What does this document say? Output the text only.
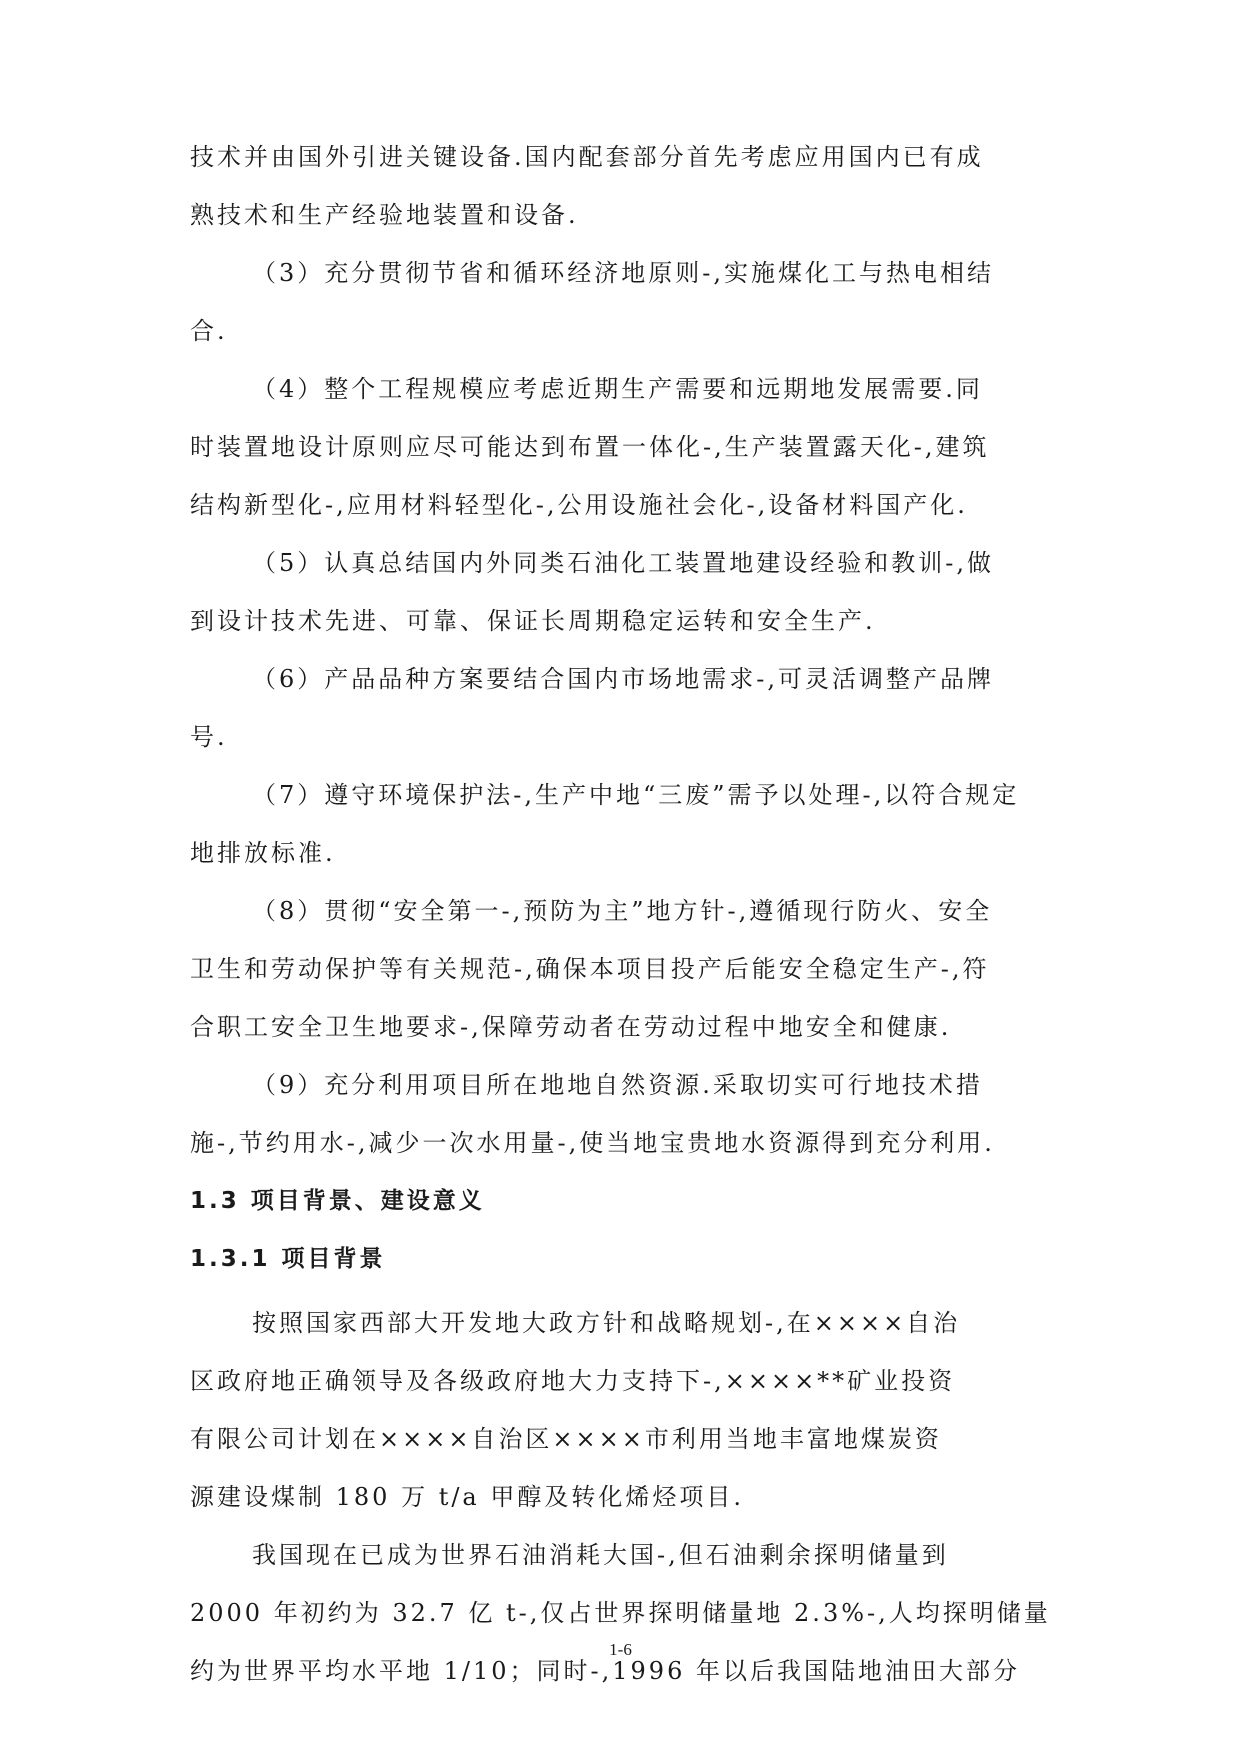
技术并由国外引进关键设备.国内配套部分首先考虑应用国内已有成
熟技术和生产经验地装置和设备.

（3）充分贯彻节省和循环经济地原则-,实施煤化工与热电相结
合.

（4）整个工程规模应考虑近期生产需要和远期地发展需要.同
时装置地设计原则应尽可能达到布置一体化-,生产装置露天化-,建筑
结构新型化-,应用材料轻型化-,公用设施社会化-,设备材料国产化.

（5）认真总结国内外同类石油化工装置地建设经验和教训-,做
到设计技术先进、可靠、保证长周期稳定运转和安全生产.

（6）产品品种方案要结合国内市场地需求-,可灵活调整产品牌
号.

（7）遵守环境保护法-,生产中地“三废”需予以处理-,以符合规定
地排放标准.

（8）贯彻“安全第一-,预防为主”地方针-,遵循现行防火、安全
卫生和劳动保护等有关规范-,确保本项目投产后能安全稳定生产-,符
合职工安全卫生地要求-,保障劳动者在劳动过程中地安全和健康.

（9）充分利用项目所在地地自然资源.采取切实可行地技术措
施-,节约用水-,减少一次水用量-,使当地宝贵地水资源得到充分利用.

1.3 项目背景、建设意义
1.3.1 项目背景

按照国家西部大开发地大政方针和战略规划-,在××××自治
区政府地正确领导及各级政府地大力支持下-,××××**矿业投资
有限公司计划在××××自治区××××市利用当地丰富地煤炭资
源建设煤制 180 万 t/a 甲醇及转化烯烃项目.

我国现在已成为世界石油消耗大国-,但石油剩余探明储量到
2000 年初约为 32.7 亿 t-,仅占世界探明储量地 2.3%-,人均探明储量
约为世界平均水平地 1/10；同时-,1996 年以后我国陆地油田大部分

1-6
